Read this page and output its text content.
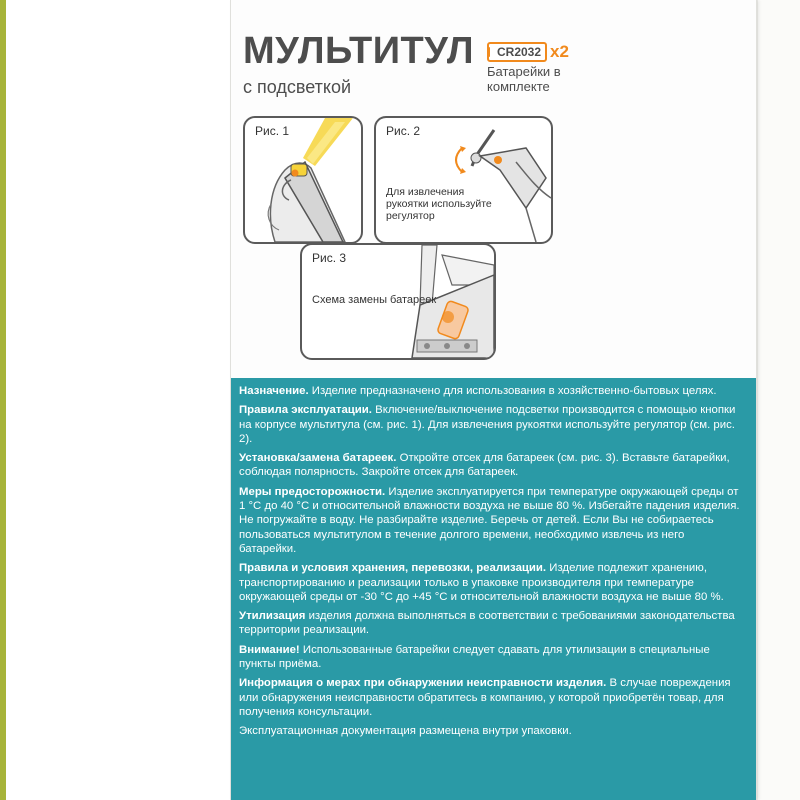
МУЛЬТИТУЛ
с подсветкой
CR2032 x2
Батарейки в комплекте
Рис. 1	Рис. 2
Для извлечения рукоятки используйте регулятор
Рис. 3
Схема замены батареек

Назначение. Изделие предназначено для использования в хозяйственно-бытовых целях.

Правила эксплуатации. Включение/выключение подсветки производится с помощью кнопки на корпусе мультитула (см. рис. 1). Для извлечения рукоятки используйте регулятор (см. рис. 2).

Установка/замена батареек. Откройте отсек для батареек (см. рис. 3). Вставьте батарейки, соблюдая полярность. Закройте отсек для батареек.

Меры предосторожности. Изделие эксплуатируется при температуре окружающей среды от 1 °С до 40 °С и относительной влажности воздуха не выше 80 %. Избегайте падения изделия. Не погружайте в воду. Не разбирайте изделие. Беречь от детей. Если Вы не собираетесь пользоваться мультитулом в течение долгого времени, необходимо извлечь из него батарейки.

Правила и условия хранения, перевозки, реализации. Изделие подлежит хранению, транспортированию и реализации только в упаковке производителя при температуре окружающей среды от -30 °С до +45 °С и относительной влажности воздуха не выше 80 %.

Утилизация изделия должна выполняться в соответствии с требованиями законодательства территории реализации.

Внимание! Использованные батарейки следует сдавать для утилизации в специальные пункты приёма.

Информация о мерах при обнаружении неисправности изделия. В случае повреждения или обнаружения неисправности обратитесь в компанию, у которой приобретён товар, для получения консультации.

Эксплуатационная документация размещена внутри упаковки.
